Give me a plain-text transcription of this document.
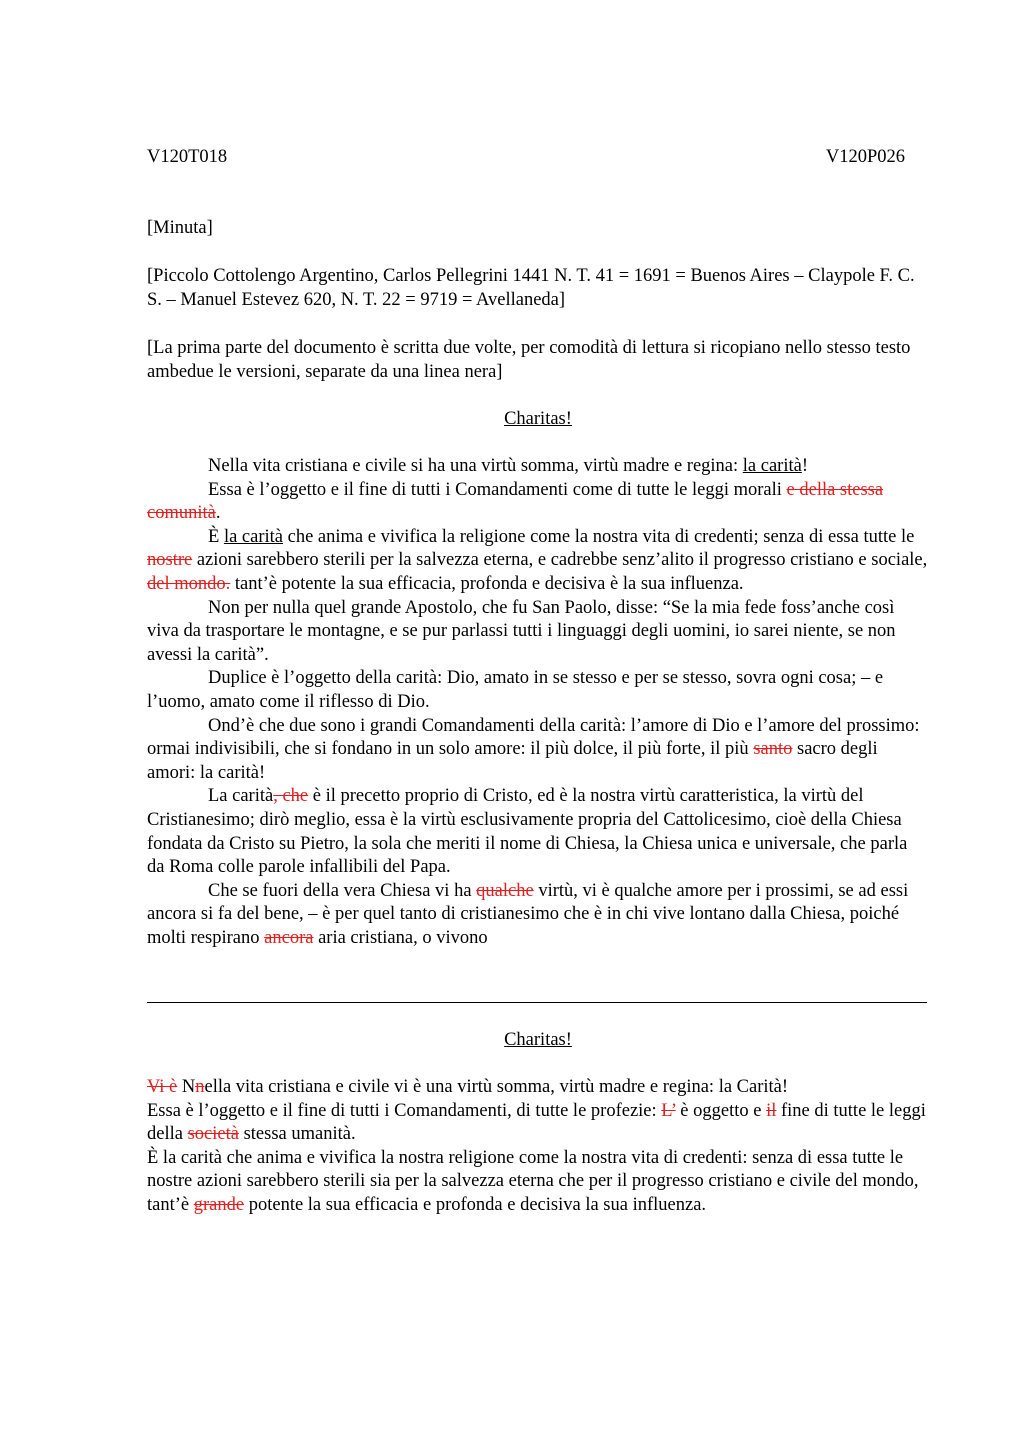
V120T018	V120P026

[Minuta]

[Piccolo Cottolengo Argentino, Carlos Pellegrini 1441 N. T. 41 = 1691 = Buenos Aires – Claypole F. C. S. – Manuel Estevez 620, N. T. 22 = 9719 = Avellaneda]

[La prima parte del documento è scritta due volte, per comodità di lettura si ricopiano nello stesso testo ambedue le versioni, separate da una linea nera]

Charitas!

Nella vita cristiana e civile si ha una virtù somma, virtù madre e regina: la carità!

Essa è l’oggetto e il fine di tutti i Comandamenti come di tutte le leggi morali e della stessa comunità.

È la carità che anima e vivifica la religione come la nostra vita di credenti; senza di essa tutte le nostre azioni sarebbero sterili per la salvezza eterna, e cadrebbe senz’alito il progresso cristiano e sociale, del mondo. tant’è potente la sua efficacia, profonda e decisiva è la sua influenza.

Non per nulla quel grande Apostolo, che fu San Paolo, disse: “Se la mia fede foss’anche così viva da trasportare le montagne, e se pur parlassi tutti i linguaggi degli uomini, io sarei niente, se non avessi la carità”.

Duplice è l’oggetto della carità: Dio, amato in se stesso e per se stesso, sovra ogni cosa; – e l’uomo, amato come il riflesso di Dio.

Ond’è che due sono i grandi Comandamenti della carità: l’amore di Dio e l’amore del prossimo: ormai indivisibili, che si fondano in un solo amore: il più dolce, il più forte, il più santo sacro degli amori: la carità!

La carità, che è il precetto proprio di Cristo, ed è la nostra virtù caratteristica, la virtù del Cristianesimo; dirò meglio, essa è la virtù esclusivamente propria del Cattolicesimo, cioè della Chiesa fondata da Cristo su Pietro, la sola che meriti il nome di Chiesa, la Chiesa unica e universale, che parla da Roma colle parole infallibili del Papa.

Che se fuori della vera Chiesa vi ha qualche virtù, vi è qualche amore per i prossimi, se ad essi ancora si fa del bene, – è per quel tanto di cristianesimo che è in chi vive lontano dalla Chiesa, poiché molti respirano ancora aria cristiana, o vivono

Charitas!

Vi è Nnella vita cristiana e civile vi è una virtù somma, virtù madre e regina: la Carità!

Essa è l’oggetto e il fine di tutti i Comandamenti, di tutte le profezie: L’ è oggetto e il fine di tutte le leggi della società stessa umanità.

È la carità che anima e vivifica la nostra religione come la nostra vita di credenti: senza di essa tutte le nostre azioni sarebbero sterili sia per la salvezza eterna che per il progresso cristiano e civile del mondo, tant’è grande potente la sua efficacia e profonda e decisiva la sua influenza.
